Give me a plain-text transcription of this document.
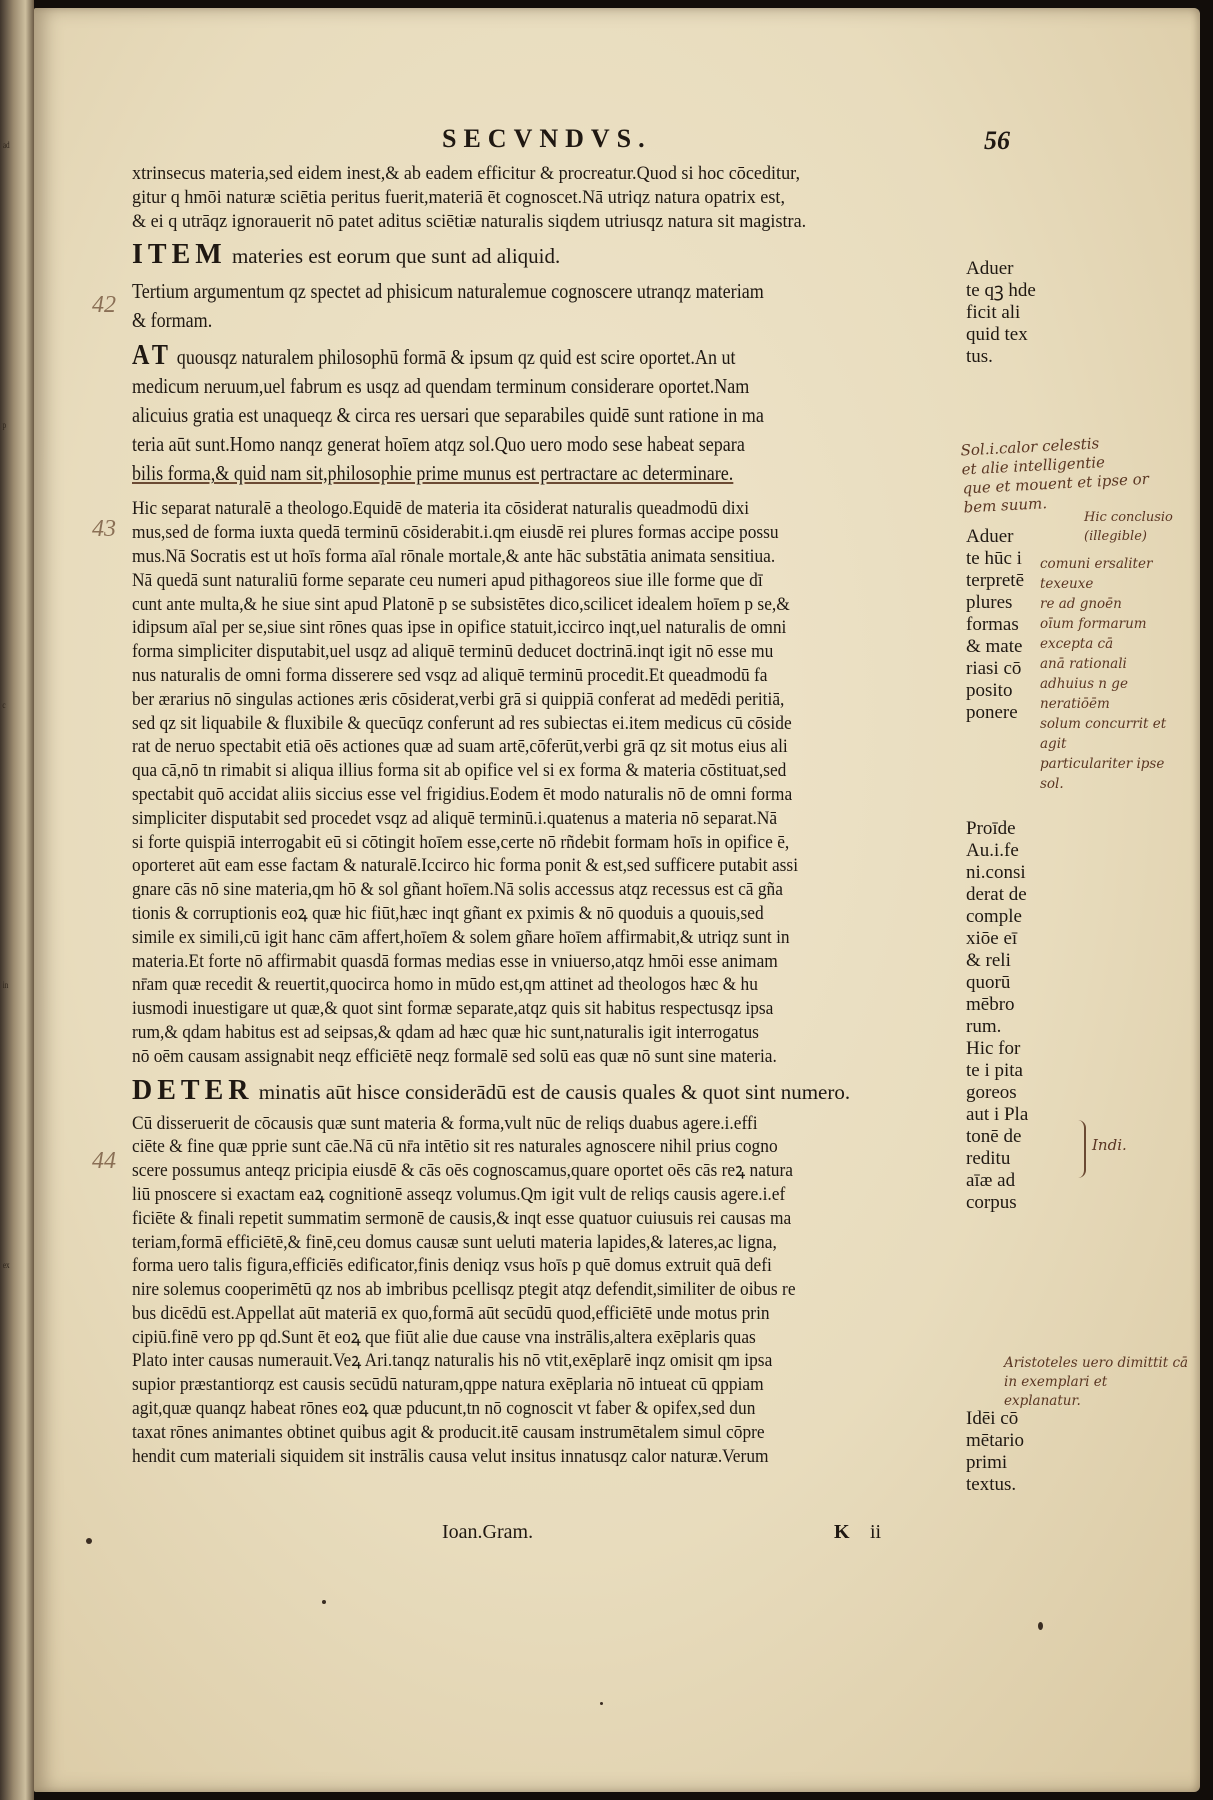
ad
p
c
in
ex
SECVNDVS.	56
42
43
44
xtrinsecus materia,sed eidem inest,& ab eadem efficitur & procreatur.Quod si hoc cōceditur,
gitur q hmōi naturæ sciētia peritus fuerit,materiā ēt cognoscet.Nā utriqz natura opatrix est,
& ei q utrāqz ignorauerit nō patet aditus sciētiæ naturalis siqdem utriusqz natura sit magistra.
ITEM materies est eorum que sunt ad aliquid.
Tertium argumentum qz spectet ad phisicum naturalemue cognoscere utranqz materiam
& formam.
AT quousqz naturalem philosophū formā & ipsum qz quid est scire oportet.An ut
medicum neruum,uel fabrum es usqz ad quendam terminum considerare oportet.Nam
alicuius gratia est unaqueqz & circa res uersari que separabiles quidē sunt ratione in ma
teria aūt sunt.Homo nanqz generat hoīem atqz sol.Quo uero modo sese habeat separa
bilis forma,& quid nam sit,philosophie prime munus est pertractare ac determinare.
Hic separat naturalē a theologo.Equidē de materia ita cōsiderat naturalis queadmodū dixi
mus,sed de forma iuxta quedā terminū cōsiderabit.i.qm eiusdē rei plures formas accipe possu
mus.Nā Socratis est ut hoīs forma aīal rōnale mortale,& ante hāc substātia animata sensitiua.
Nā quedā sunt naturaliū forme separate ceu numeri apud pithagoreos siue ille forme que dī
cunt ante multa,& he siue sint apud Platonē p se subsistētes dico,scilicet idealem hoīem p se,&
idipsum aīal per se,siue sint rōnes quas ipse in opifice statuit,iccirco inqt,uel naturalis de omni
forma simpliciter disputabit,uel usqz ad aliquē terminū deducet doctrinā.inqt igit nō esse mu
nus naturalis de omni forma disserere sed vsqz ad aliquē terminū procedit.Et queadmodū fa
ber ærarius nō singulas actiones æris cōsiderat,verbi grā si quippiā conferat ad medēdi peritiā,
sed qz sit liquabile & fluxibile & quecūqz conferunt ad res subiectas ei.item medicus cū cōside
rat de neruo spectabit etiā oēs actiones quæ ad suam artē,cōferūt,verbi grā qz sit motus eius ali
qua cā,nō tn rimabit si aliqua illius forma sit ab opifice vel si ex forma & materia cōstituat,sed
spectabit quō accidat aliis siccius esse vel frigidius.Eodem ēt modo naturalis nō de omni forma
simpliciter disputabit sed procedet vsqz ad aliquē terminū.i.quatenus a materia nō separat.Nā
si forte quispiā interrogabit eū si cōtingit hoīem esse,certe nō rñdebit formam hoīs in opifice ē,
oporteret aūt eam esse factam & naturalē.Iccirco hic forma ponit & est,sed sufficere putabit assi
gnare cās nō sine materia,qm hō & sol gñant hoīem.Nā solis accessus atqz recessus est cā gña
tionis & corruptionis eoꝝ quæ hic fiūt,hæc inqt gñant ex pximis & nō quoduis a quouis,sed
simile ex simili,cū igit hanc cām affert,hoīem & solem gñare hoīem affirmabit,& utriqz sunt in
materia.Et forte nō affirmabit quasdā formas medias esse in vniuerso,atqz hmōi esse animam
nr̄am quæ recedit & reuertit,quocirca homo in mūdo est,qm attinet ad theologos hæc & hu
iusmodi inuestigare ut quæ,& quot sint formæ separate,atqz quis sit habitus respectusqz ipsa
rum,& qdam habitus est ad seipsas,& qdam ad hæc quæ hic sunt,naturalis igit interrogatus
nō oēm causam assignabit neqz efficiētē neqz formalē sed solū eas quæ nō sunt sine materia.
DETER minatis aūt hisce considerādū est de causis quales & quot sint numero.
Cū disseruerit de cōcausis quæ sunt materia & forma,vult nūc de reliqs duabus agere.i.effi
ciēte & fine quæ pprie sunt cāe.Nā cū nr̄a intētio sit res naturales agnoscere nihil prius cogno
scere possumus anteqz pricipia eiusdē & cās oēs cognoscamus,quare oportet oēs cās reꝝ natura
liū pnoscere si exactam eaꝝ cognitionē asseqz volumus.Qm igit vult de reliqs causis agere.i.ef
ficiēte & finali repetit summatim sermonē de causis,& inqt esse quatuor cuiusuis rei causas ma
teriam,formā efficiētē,& finē,ceu domus causæ sunt ueluti materia lapides,& lateres,ac ligna,
forma uero talis figura,efficiēs edificator,finis deniqz vsus hoīs p quē domus extruit quā defi
nire solemus cooperimētū qz nos ab imbribus pcellisqz ptegit atqz defendit,similiter de oibus re
bus dicēdū est.Appellat aūt materiā ex quo,formā aūt secūdū quod,efficiētē unde motus prin
cipiū.finē vero pp qd.Sunt ēt eoꝝ que fiūt alie due cause vna instrālis,altera exēplaris quas
Plato inter causas numerauit.Veꝝ Ari.tanqz naturalis his nō vtit,exēplarē inqz omisit qm ipsa
supior præstantiorqz est causis secūdū naturam,qppe natura exēplaria nō intueat cū qppiam
agit,quæ quanqz habeat rōnes eoꝝ quæ pducunt,tn nō cognoscit vt faber & opifex,sed dun
taxat rōnes animantes obtinet quibus agit & producit.itē causam instrumētalem simul cōpre
hendit cum materiali siquidem sit instrālis causa velut insitus innatusqz calor naturæ.Verum
Ioan.Gram.	K ii
Aduer
te qꝫ hde
ficit ali
quid tex
tus.
Aduer
te hūc i
terpretē
plures
formas
& mate
riasi cō
posito
ponere
Proīde
Au.i.fe
ni.consi
derat de
comple
xiōe eī
& reli
quorū
mēbro
rum.
Hic for
te i pita
goreos
aut i Pla
tonē de
reditu
aīæ ad
corpus
Idēi cō
mētario
primi
textus.
Sol.i.calor celestis
et alie intelligentie
que et mouent et ipse or
bem suum.
Hic conclusio
(illegible)
comuni ersaliter
texeuxe
re ad gnoēn
oīum formarum
excepta cā
anā rationali
adhuius n ge
neratiōēm
solum concurrit et agit
particulariter ipse sol.
Indi.
Aristoteles uero dimittit cā
in exemplari et
explanatur.
